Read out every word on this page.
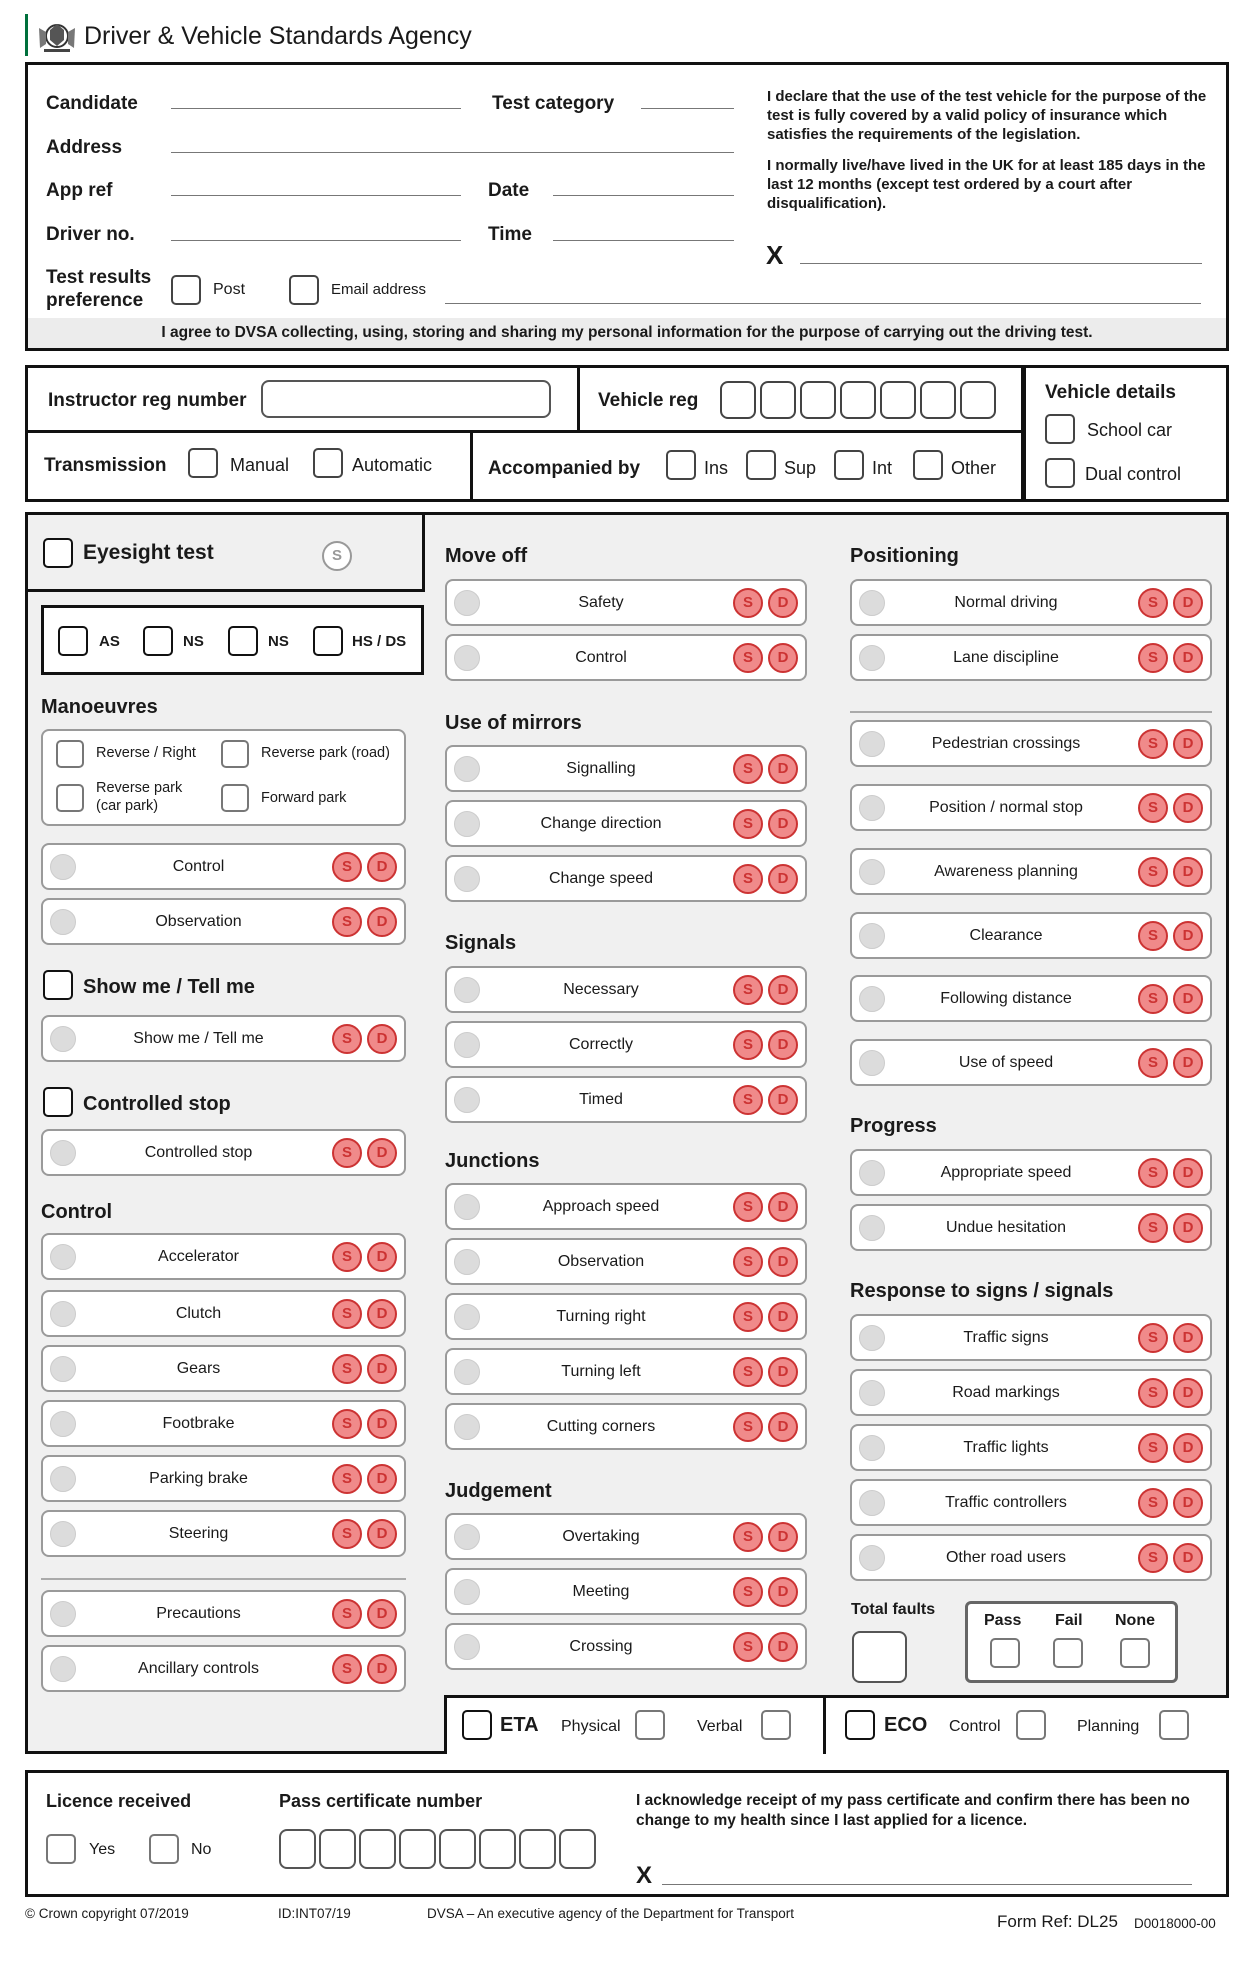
Driver & Vehicle Standards Agency
Candidate	Test category
Address
App ref	Date
Driver no.	Time
Test results
preference
Post	Email address
I declare that the use of the test vehicle for the purpose of the test is fully covered by a valid policy of insurance which satisfies the requirements of the legislation.
I normally live/have lived in the UK for at least 185 days in the last 12 months (except test ordered by a court after disqualification).
X
I agree to DVSA collecting, using, storing and sharing my personal information for the purpose of carrying out the driving test.
Instructor reg number	Vehicle reg
Transmission	Manual	Automatic	Accompanied by	Ins	Sup	Int	Other
Vehicle details
School car
Dual control
Eyesight test	S
AS	NS	NS	HS / DS
Manoeuvres
Reverse / Right	Reverse park (road)
Reverse park
(car park)	Forward park
Show me / Tell me
Controlled stop
Control
Move off
Use of mirrors
Signals
Junctions
Judgement
Positioning
Progress
Response to signs / signals
Total faults
Pass Fail None
ETA Physical	Verbal	ECO Control	Planning
Licence received
Yes	No
Pass certificate number	I acknowledge receipt of my pass certificate and confirm there has been no change to my health since I last applied for a licence.
X
© Crown copyright 07/2019	ID:INT07/19	DVSA – An executive agency of the Department for Transport	Form Ref: DL25 D0018000-00
Control	S	D
Observation	S	D
Show me / Tell me	S	D
Controlled stop	S	D
Accelerator	S	D
Clutch	S	D
Gears	S	D
Footbrake	S	D
Parking brake	S	D
Steering	S	D
Precautions	S	D
Ancillary controls	S	D
Safety	S	D
Control	S	D
Signalling	S	D
Change direction	S	D
Change speed	S	D
Necessary	S	D
Correctly	S	D
Timed	S	D
Approach speed	S	D
Observation	S	D
Turning right	S	D
Turning left	S	D
Cutting corners	S	D
Overtaking	S	D
Meeting	S	D
Crossing	S	D
Normal driving	S	D
Lane discipline	S	D
Pedestrian crossings	S	D
Position / normal stop	S	D
Awareness planning	S	D
Clearance	S	D
Following distance	S	D
Use of speed	S	D
Appropriate speed	S	D
Undue hesitation	S	D
Traffic signs	S	D
Road markings	S	D
Traffic lights	S	D
Traffic controllers	S	D
Other road users	S	D
